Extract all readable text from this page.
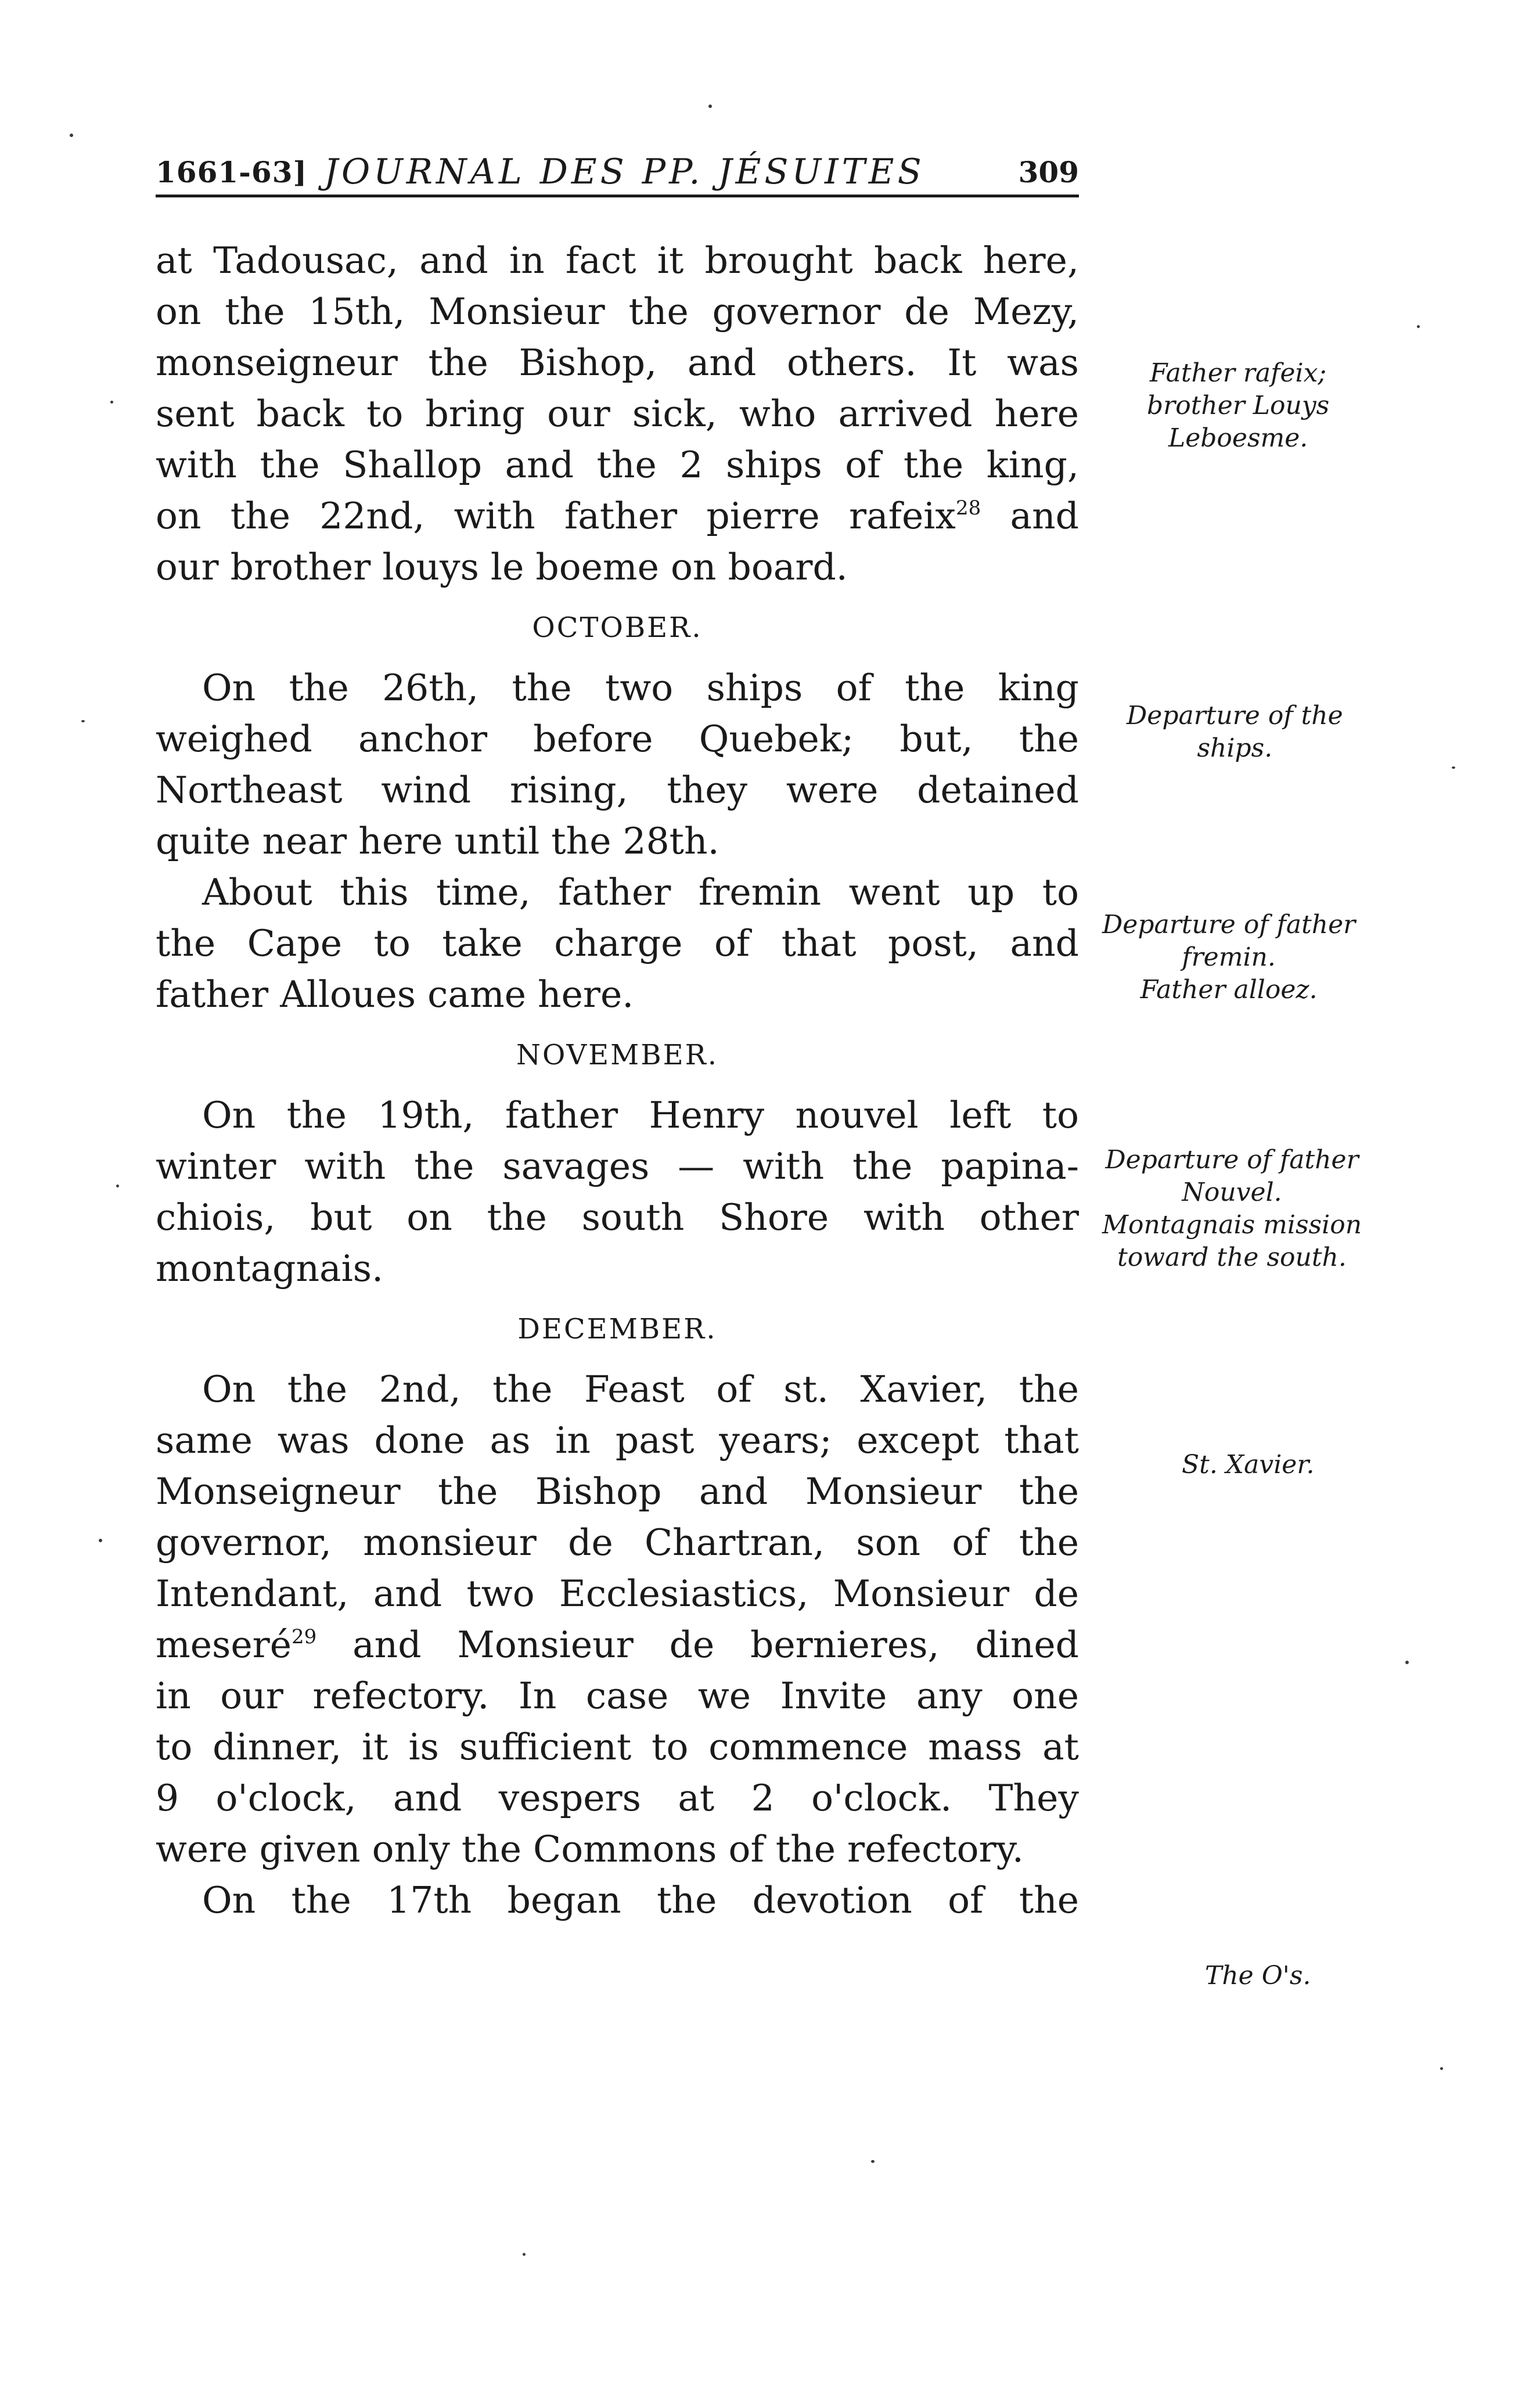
1661-63] JOURNAL DES PP. JÉSUITES	309
at Tadousac, and in fact it brought back here,
on the 15th, Monsieur the governor de Mezy,
monseigneur the Bishop, and others. It was
sent back to bring our sick, who arrived here
with the Shallop and the 2 ships of the king,
on the 22nd, with father pierre rafeix$^{28}$ and
our brother louys le boeme on board.
OCTOBER.
On the 26th, the two ships of the king
weighed anchor before Quebek; but, the
Northeast wind rising, they were detained
quite near here until the 28th.
About this time, father fremin went up to
the Cape to take charge of that post, and
father Alloues came here.
NOVEMBER.
On the 19th, father Henry nouvel left to
winter with the savages — with the papina-
chiois, but on the south Shore with other
montagnais.
DECEMBER.
On the 2nd, the Feast of st. Xavier, the
same was done as in past years; except that
Monseigneur the Bishop and Monsieur the
governor, monsieur de Chartran, son of the
Intendant, and two Ecclesiastics, Monsieur de
meseré$^{29}$ and Monsieur de bernieres, dined
in our refectory. In case we Invite any one
to dinner, it is sufficient to commence mass at
9 o'clock, and vespers at 2 o'clock. They
were given only the Commons of the refectory.
On the 17th began the devotion of the
Father rafeix;
brother Louys
Leboesme.
Departure of the
ships.
Departure of father
fremin.
Father alloez.
Departure of father
Nouvel.
Montagnais mission
toward the south.
St. Xavier.
The O's.
